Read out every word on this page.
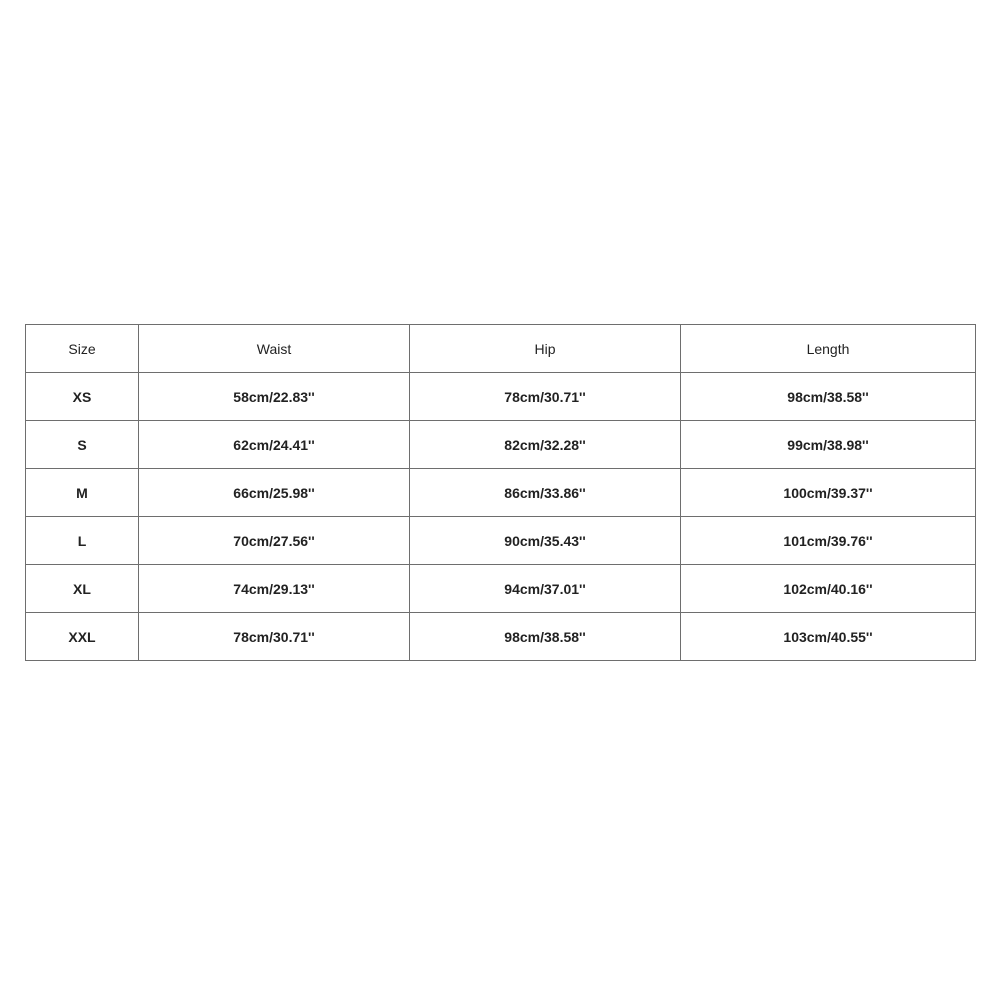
Size	Waist	Hip	Length
XS	58cm/22.83''	78cm/30.71''	98cm/38.58''
S	62cm/24.41''	82cm/32.28''	99cm/38.98''
M	66cm/25.98''	86cm/33.86''	100cm/39.37''
L	70cm/27.56''	90cm/35.43''	101cm/39.76''
XL	74cm/29.13''	94cm/37.01''	102cm/40.16''
XXL	78cm/30.71''	98cm/38.58''	103cm/40.55''
